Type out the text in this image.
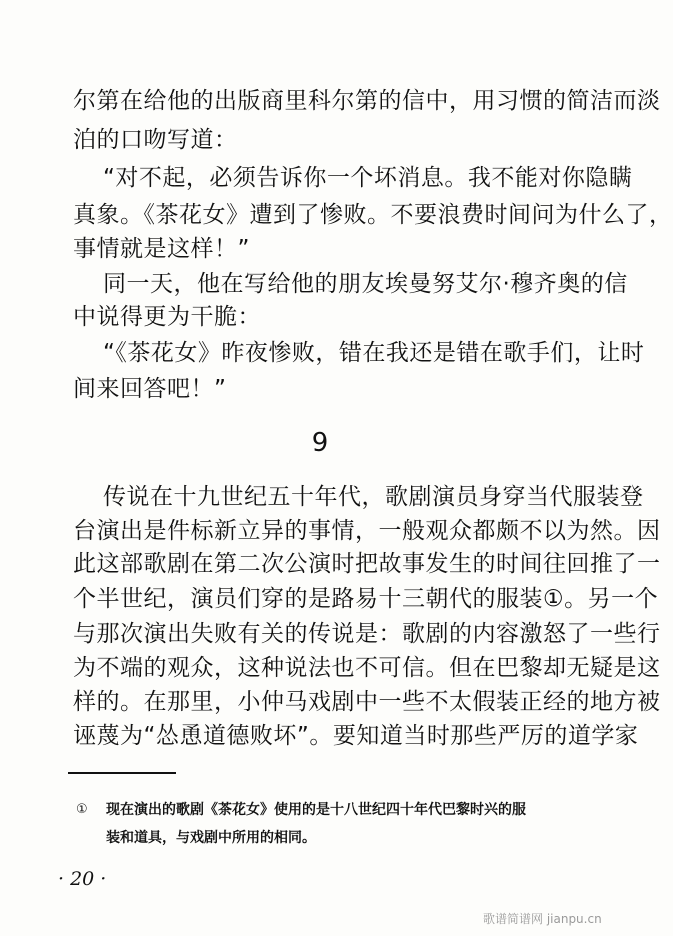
尔第在给他的出版商里科尔第的信中，用习惯的简洁而淡
泊的口吻写道：
“对不起，必须告诉你一个坏消息。我不能对你隐瞒
真象。《茶花女》遭到了惨败。不要浪费时间问为什么了，
事情就是这样！”
同一天，他在写给他的朋友埃曼努艾尔·穆齐奥的信
中说得更为干脆：
“《茶花女》昨夜惨败，错在我还是错在歌手们，让时
间来回答吧！”
9
传说在十九世纪五十年代，歌剧演员身穿当代服装登
台演出是件标新立异的事情，一般观众都颇不以为然。因
此这部歌剧在第二次公演时把故事发生的时间往回推了一
个半世纪，演员们穿的是路易十三朝代的服装①。另一个
与那次演出失败有关的传说是：歌剧的内容激怒了一些行
为不端的观众，这种说法也不可信。但在巴黎却无疑是这
样的。在那里，小仲马戏剧中一些不太假装正经的地方被
诬蔑为“怂恿道德败坏”。要知道当时那些严厉的道学家
① 现在演出的歌剧《茶花女》使用的是十八世纪四十年代巴黎时兴的服
装和道具，与戏剧中所用的相同。
· 20 ·
歌谱简谱网 jianpu.cn
